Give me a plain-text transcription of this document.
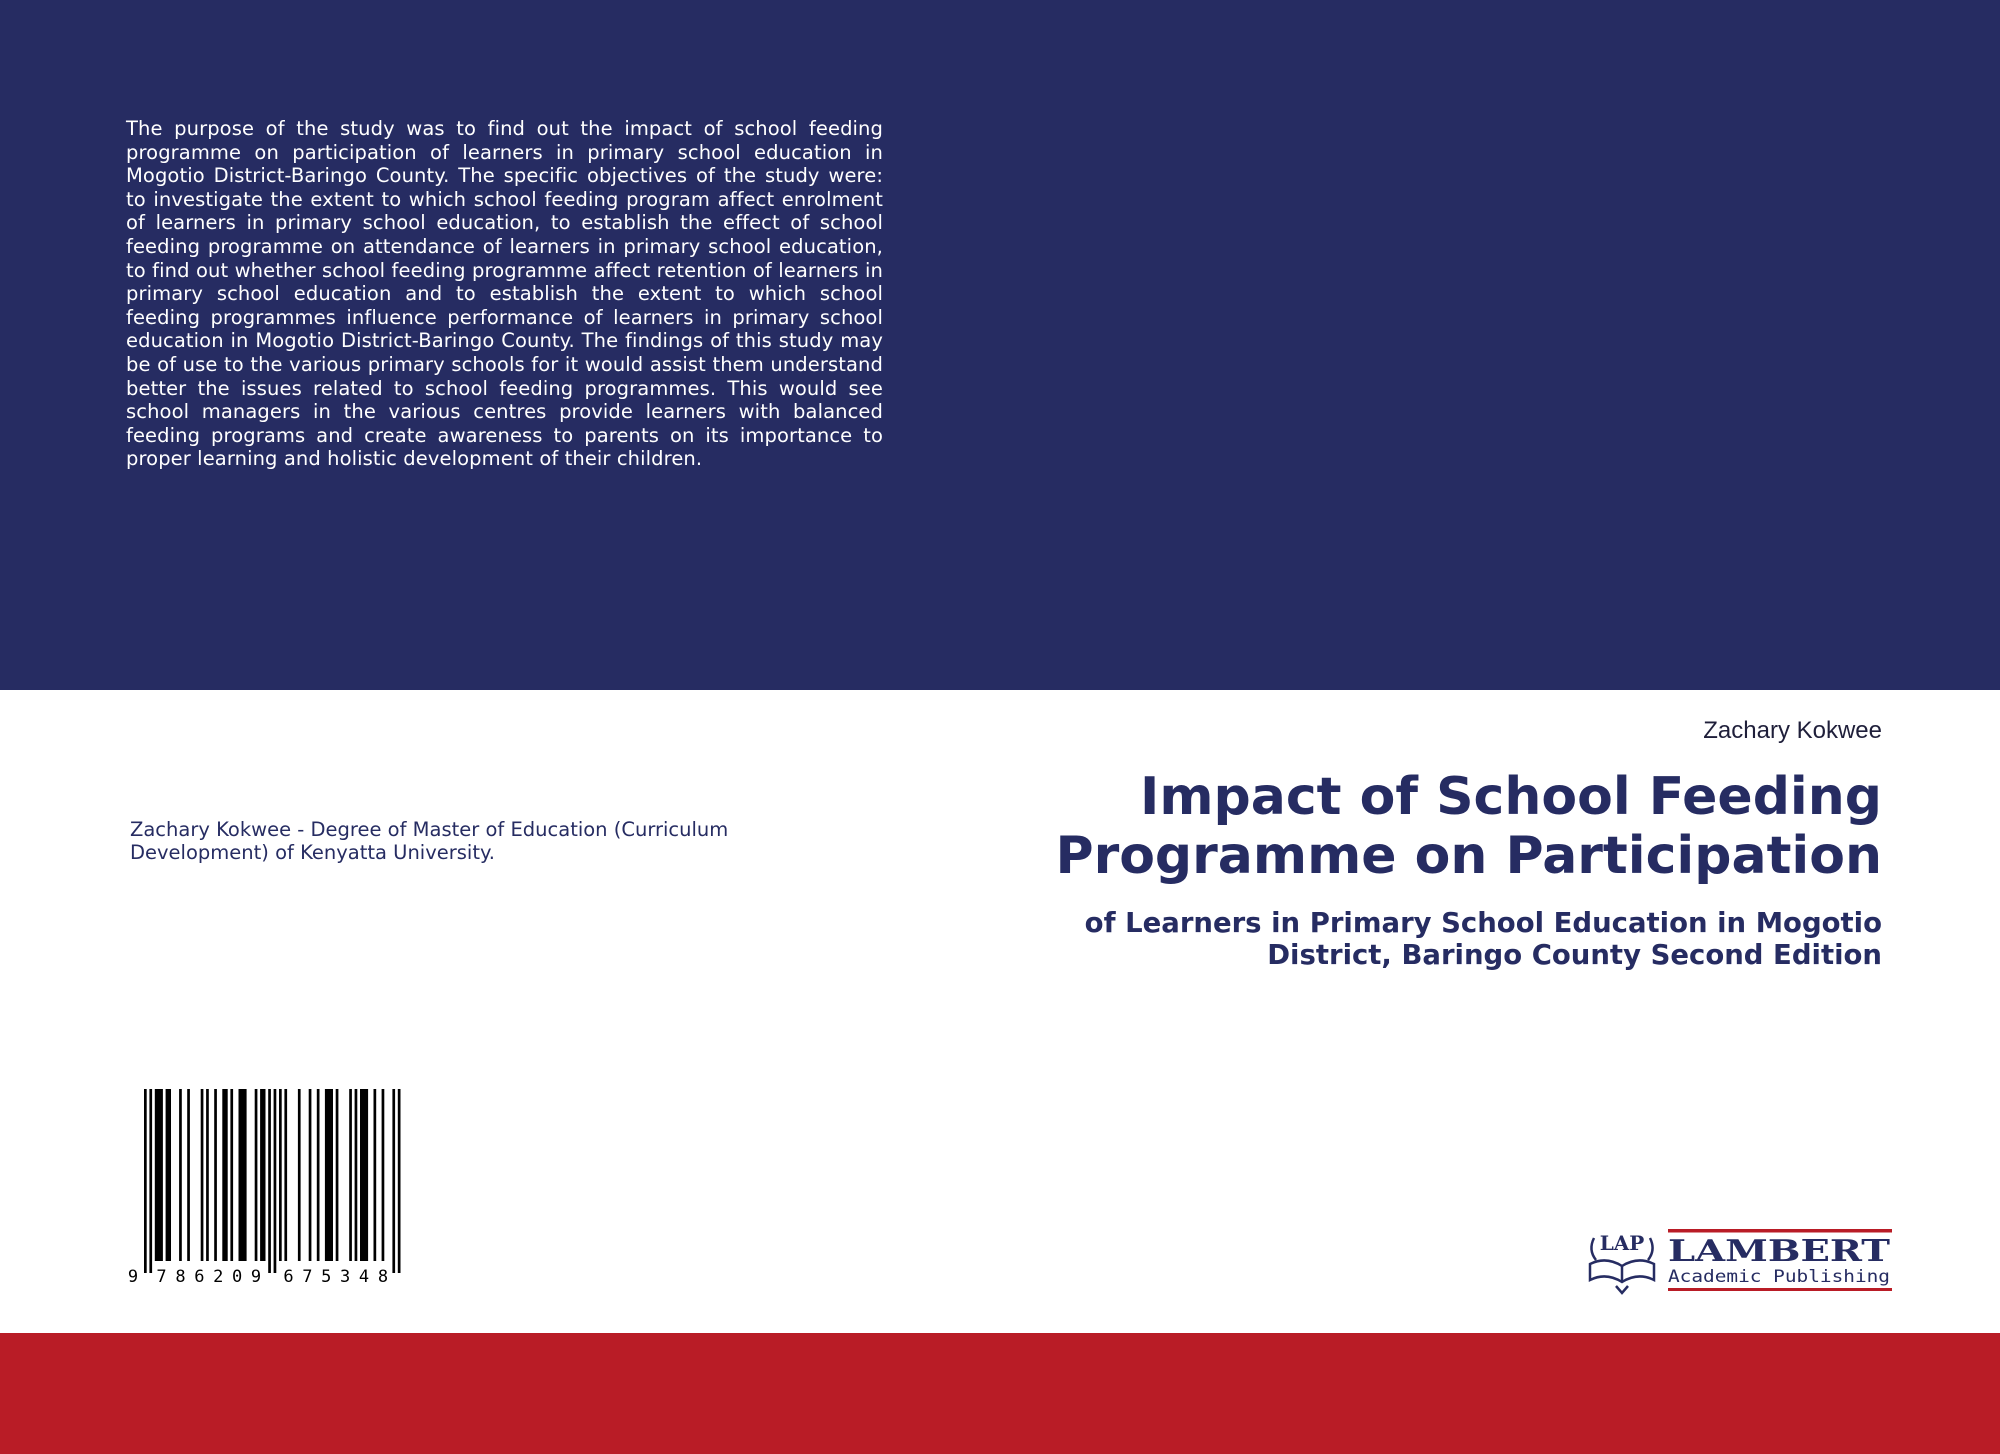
The purpose of the study was to find out the impact of school feeding programme on participation of learners in primary school education in Mogotio District-Baringo County. The specific objectives of the study were: to investigate the extent to which school feeding program affect enrolment of learners in primary school education, to establish the effect of school feeding programme on attendance of learners in primary school education, to find out whether school feeding programme affect retention of learners in primary school education and to establish the extent to which school feeding programmes influence performance of learners in primary school education in Mogotio District-Baringo County. The findings of this study may be of use to the various primary schools for it would assist them understand better the issues related to school feeding programmes. This would see school managers in the various centres provide learners with balanced feeding programs and create awareness to parents on its importance to proper learning and holistic development of their children.

Zachary Kokwee

Impact of School Feeding
Programme on Participation
of Learners in Primary School Education in Mogotio
District, Baringo County Second Edition

Zachary Kokwee - Degree of Master of Education (Curriculum Development) of Kenyatta University.

9 7 8 6 2 0 9 6 7 5 3 4 8
LAP LAMBERT
Academic Publishing
